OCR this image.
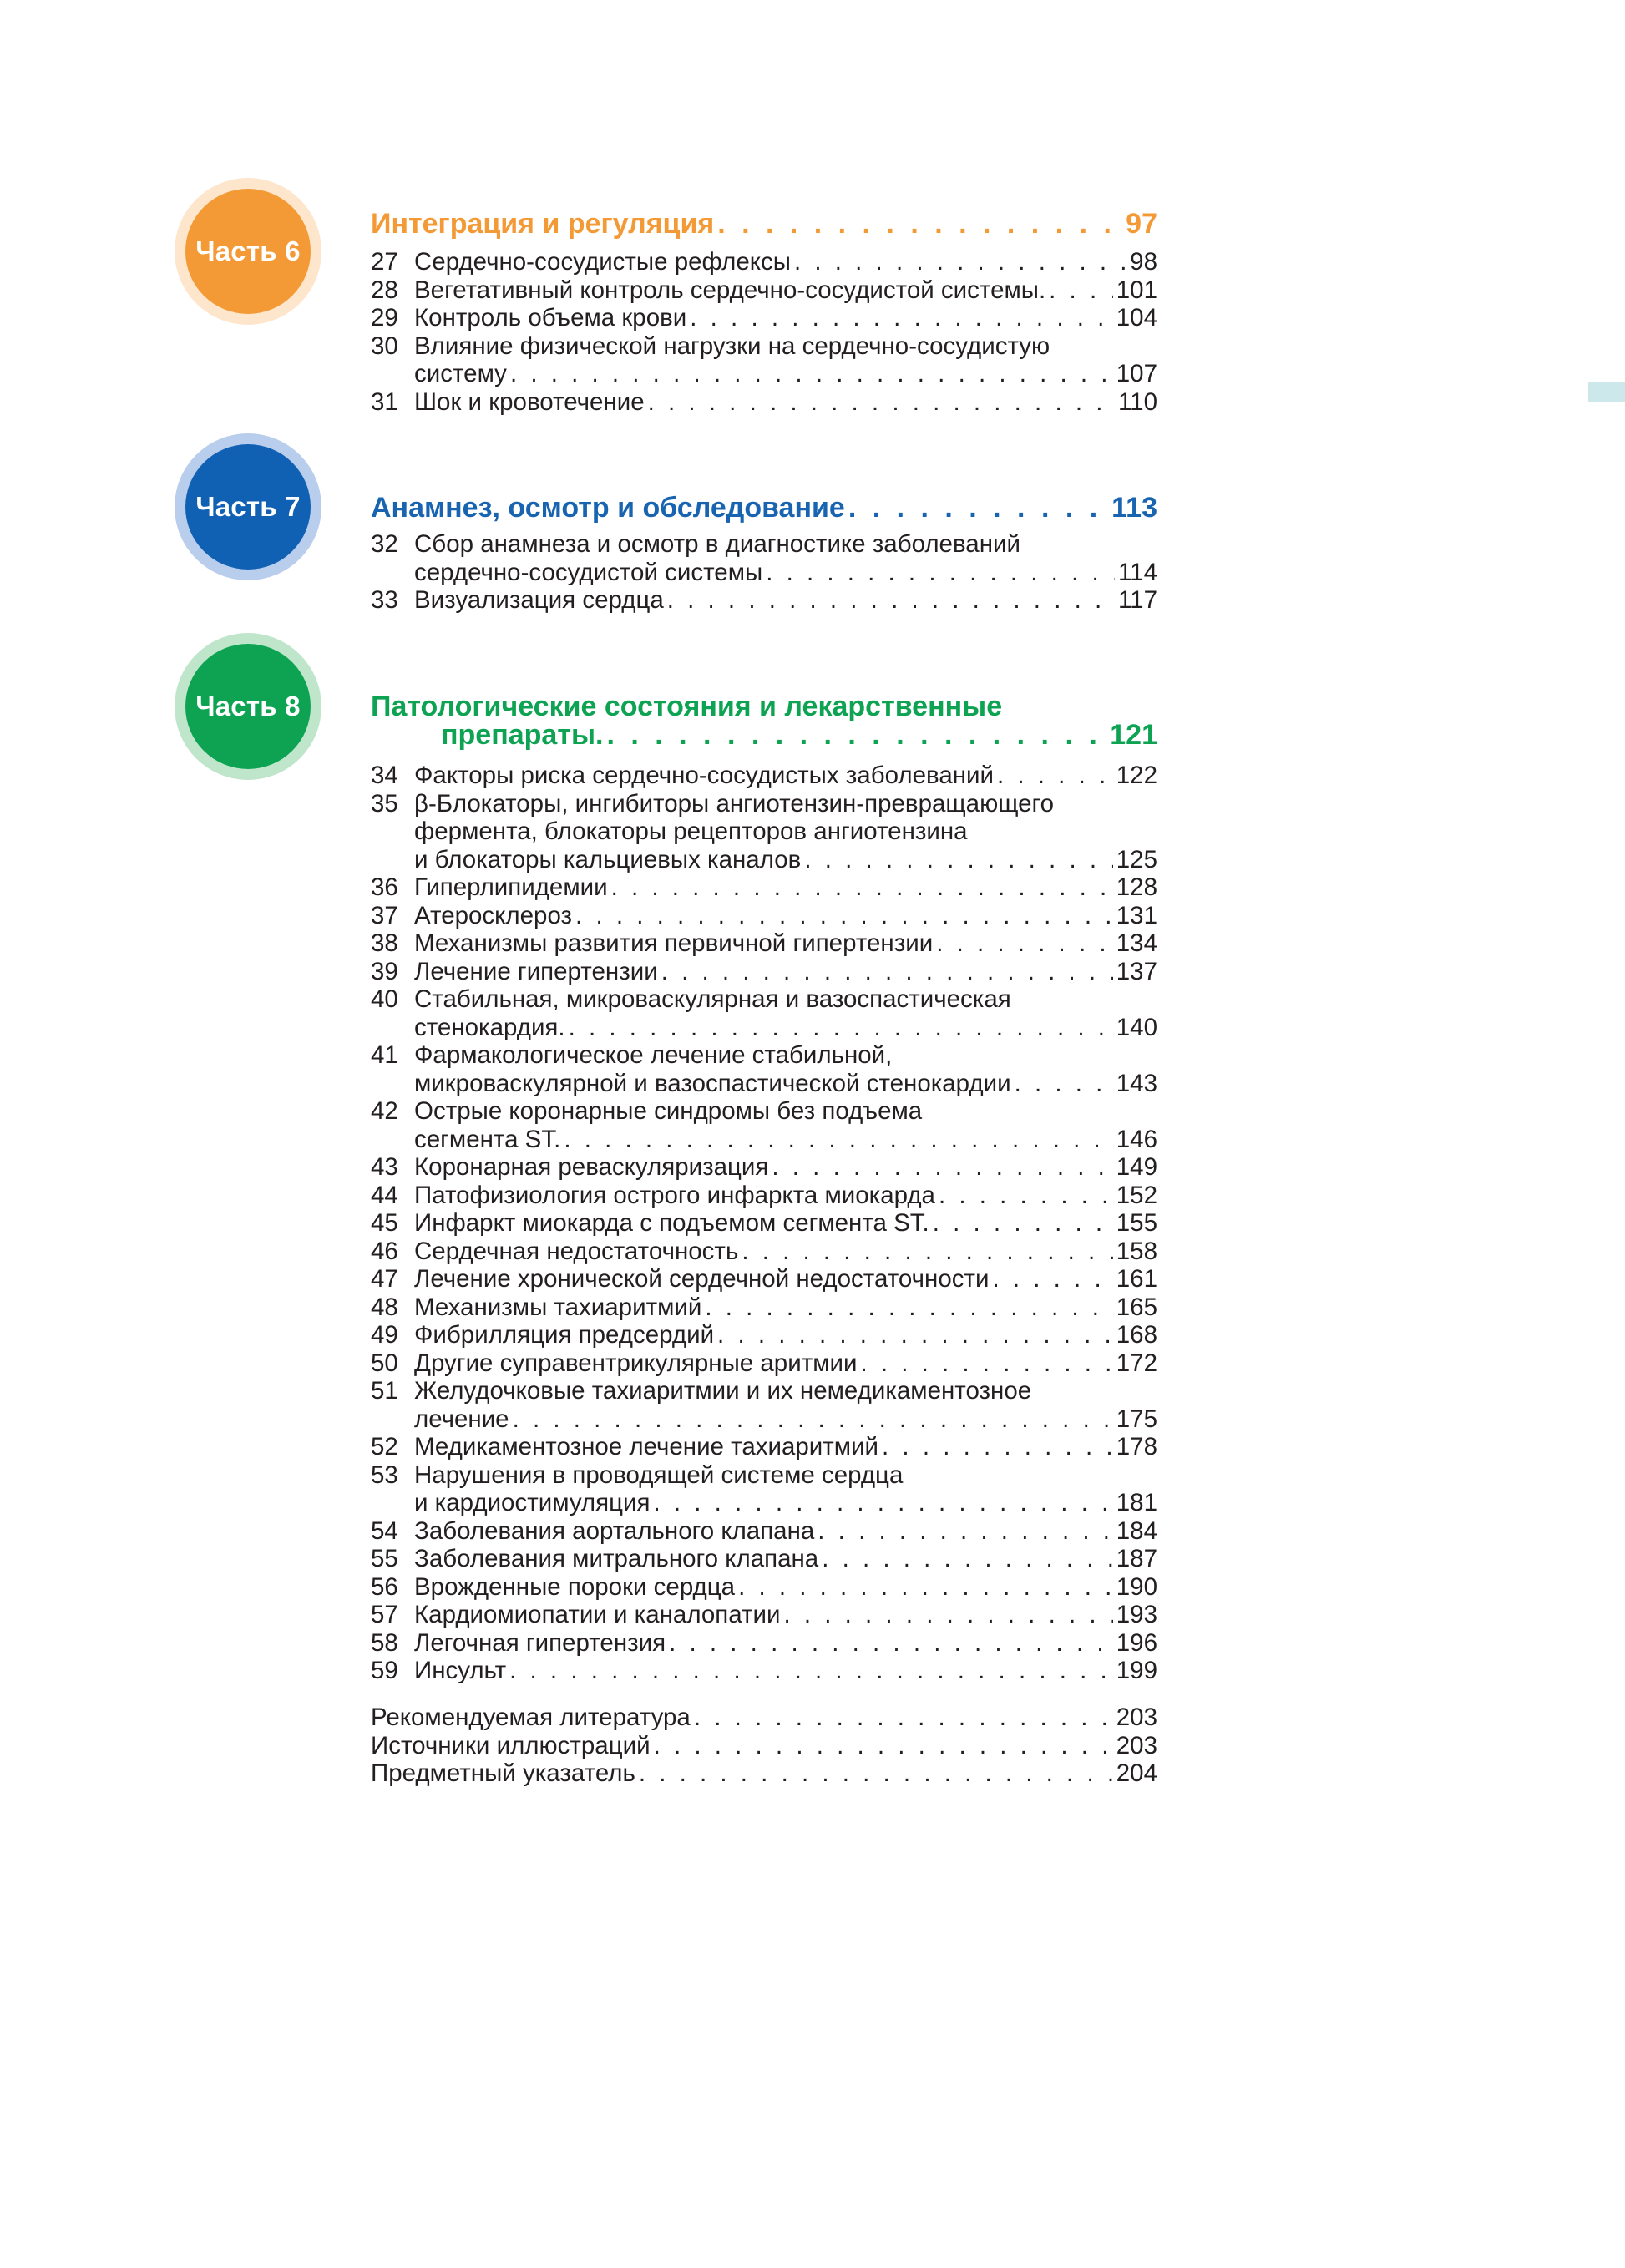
Часть 6
Интеграция и регуляция . . .	97
27 Сердечно-сосудистые рефлексы . . .	98
28 Вегетативный контроль сердечно-сосудистой системы. . . .	101
29 Контроль объема крови . . .	104
30 Влияние физической нагрузки на сердечно-сосудистую
систему . . .	107
31 Шок и кровотечение . . .	110
Часть 7 Анамнез, осмотр и обследование . . .	113
32 Сбор анамнеза и осмотр в диагностике заболеваний
сердечно-сосудистой системы . . .	114
33 Визуализация сердца . . .	117
Часть 8 Патологические состояния и лекарственные
препараты. . . .	121
34 Факторы риска сердечно-сосудистых заболеваний . . .	122
35 β-Блокаторы, ингибиторы ангиотензин-превращающего
фермента, блокаторы рецепторов ангиотензина
и блокаторы кальциевых каналов . . .	125
36 Гиперлипидемии . . .	128
37 Атеросклероз . . .	131
38 Механизмы развития первичной гипертензии . . .	134
39 Лечение гипертензии . . .	137
40 Стабильная, микроваскулярная и вазоспастическая
стенокардия. . . .	140
41 Фармакологическое лечение стабильной,
микроваскулярной и вазоспастической стенокардии . . .	143
42 Острые коронарные синдромы без подъема
сегмента ST. . . .	146
43 Коронарная реваскуляризация . . .	149
44 Патофизиология острого инфаркта миокарда . . .	152
45 Инфаркт миокарда с подъемом сегмента ST. . . .	155
46 Сердечная недостаточность . . .	158
47 Лечение хронической сердечной недостаточности . . .	161
48 Механизмы тахиаритмий . . .	165
49 Фибрилляция предсердий . . .	168
50 Другие суправентрикулярные аритмии . . .	172
51 Желудочковые тахиаритмии и их немедикаментозное
лечение . . .	175
52 Медикаментозное лечение тахиаритмий . . .	178
53 Нарушения в проводящей системе сердца
и кардиостимуляция . . .	181
54 Заболевания аортального клапана . . .	184
55 Заболевания митрального клапана . . .	187
56 Врожденные пороки сердца . . .	190
57 Кардиомиопатии и каналопатии . . .	193
58 Легочная гипертензия . . .	196
59 Инсульт . . .	199
Рекомендуемая литература . . .	203
Источники иллюстраций . . .	203
Предметный указатель . . .	204
